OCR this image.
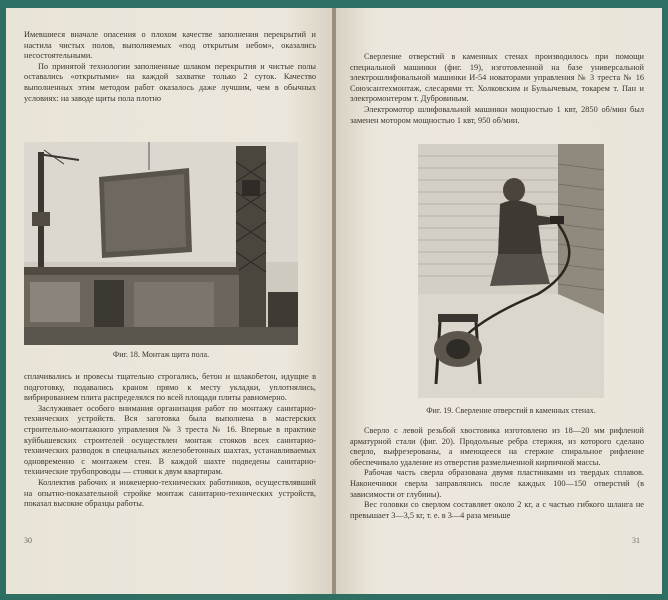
Имевшиеся вначале опасения о плохом качестве заполнения перекрытий и настила чистых полов, выполняемых «под открытым небом», оказались несостоятельными.

По принятой технологии заполненные шлаком перекрытия и чистые полы оставались «открытыми» на каждой захватке только 2 суток. Качество выполненных этим методом работ оказалось даже лучшим, чем в обычных условиях: на заводе щиты пола плотно

Фиг. 18. Монтаж щита пола.

сплачивались и провесы тщательно строгались, бетон и шлакобетон, идущие в подготовку, подавались краном прямо к месту укладки, уплотнялись, вибрированием плита распределялся по всей площади плиты равномерно.

Заслуживает особого внимания организация работ по монтажу санитарно-технических устройств. Вся заготовка была выполнена в мастерских строительно-монтажного управления № 3 треста № 16. Впервые в практике куйбышевских строителей осуществлен монтаж стояков всех санитарно-технических разводок в специальных железобетонных шахтах, устанавливаемых одновременно с монтажем стен. В каждой шахте подведены санитарно-технические трубопроводы — стояки к двум квартирам.

Коллектив рабочих и инженерно-технических работников, осуществлявший на опытно-показательной стройке монтаж санитарно-технических устройств, показал высокие образцы работы.

30

Сверление отверстий в каменных стенах производилось при помощи специальной машинки (фиг. 19), изготовленной на базе универсальной электрошлифовальной машинки И-54 новаторами управления № 3 треста № 16 Союзсантехмонтаж, слесарями тт. Холковским и Бульычевым, токарем т. Пан и электромонтером т. Дубровиным.

Электромотор шлифовальной машинки мощностью 1 квт, 2850 об/мин был заменен мотором мощностью 1 квт, 950 об/мин.

Фиг. 19. Сверление отверстий в каменных стенах.

Сверло с левой резьбой хвостовика изготовлено из 18—20 мм рифленой арматурной стали (фиг. 20). Продольные ребра стержня, из которого сделано сверло, выфрезерованы, а имеющееся на стержне спиральное рифление обеспечивало удаление из отверстия размельченной кирпичной массы.

Рабочая часть сверла образована двумя пластинками из твердых сплавов. Наконечники сверла заправлялись после каждых 100—150 отверстий (в зависимости от глубины).

Вес головки со сверлом составляет около 2 кг, а с частью гибкого шланга не превышает 3—3,5 кг, т. е. в 3—4 раза меньше

31
